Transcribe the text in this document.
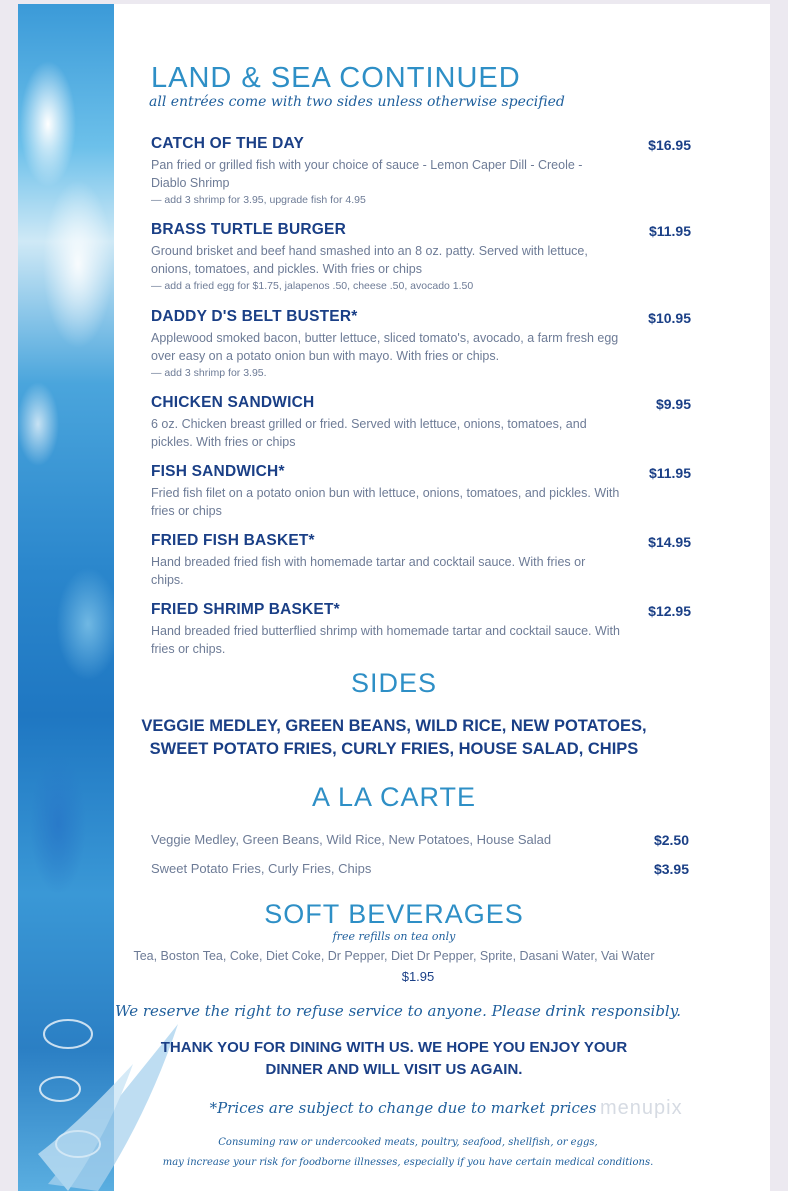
LAND & SEA CONTINUED
all entrées come with two sides unless otherwise specified
CATCH OF THE DAY	$16.95
Pan fried or grilled fish with your choice of sauce - Lemon Caper Dill - Creole - Diablo Shrimp
— add 3 shrimp for 3.95, upgrade fish for 4.95
BRASS TURTLE BURGER	$11.95
Ground brisket and beef hand smashed into an 8 oz. patty. Served with lettuce, onions, tomatoes, and pickles. With fries or chips
— add a fried egg for $1.75, jalapenos .50, cheese .50, avocado 1.50
DADDY D'S BELT BUSTER*	$10.95
Applewood smoked bacon, butter lettuce, sliced tomato's, avocado, a farm fresh egg over easy on a potato onion bun with mayo. With fries or chips.
— add 3 shrimp for 3.95.
CHICKEN SANDWICH	$9.95
6 oz. Chicken breast grilled or fried. Served with lettuce, onions, tomatoes, and pickles. With fries or chips
FISH SANDWICH*	$11.95
Fried fish filet on a potato onion bun with lettuce, onions, tomatoes, and pickles. With fries or chips
FRIED FISH BASKET*	$14.95
Hand breaded fried fish with homemade tartar and cocktail sauce. With fries or chips.
FRIED SHRIMP BASKET*	$12.95
Hand breaded fried butterflied shrimp with homemade tartar and cocktail sauce. With fries or chips.
SIDES
VEGGIE MEDLEY, GREEN BEANS, WILD RICE, NEW POTATOES,
SWEET POTATO FRIES, CURLY FRIES, HOUSE SALAD, CHIPS
A LA CARTE
Veggie Medley, Green Beans, Wild Rice, New Potatoes, House Salad	$2.50
Sweet Potato Fries, Curly Fries, Chips	$3.95
SOFT BEVERAGES
free refills on tea only
Tea, Boston Tea, Coke, Diet Coke, Dr Pepper, Diet Dr Pepper, Sprite, Dasani Water, Vai Water
$1.95
We reserve the right to refuse service to anyone. Please drink responsibly.
THANK YOU FOR DINING WITH US. WE HOPE YOU ENJOY YOUR
DINNER AND WILL VISIT US AGAIN.
*Prices are subject to change due to market prices
Consuming raw or undercooked meats, poultry, seafood, shellfish, or eggs,
may increase your risk for foodborne illnesses, especially if you have certain medical conditions.
menupix
